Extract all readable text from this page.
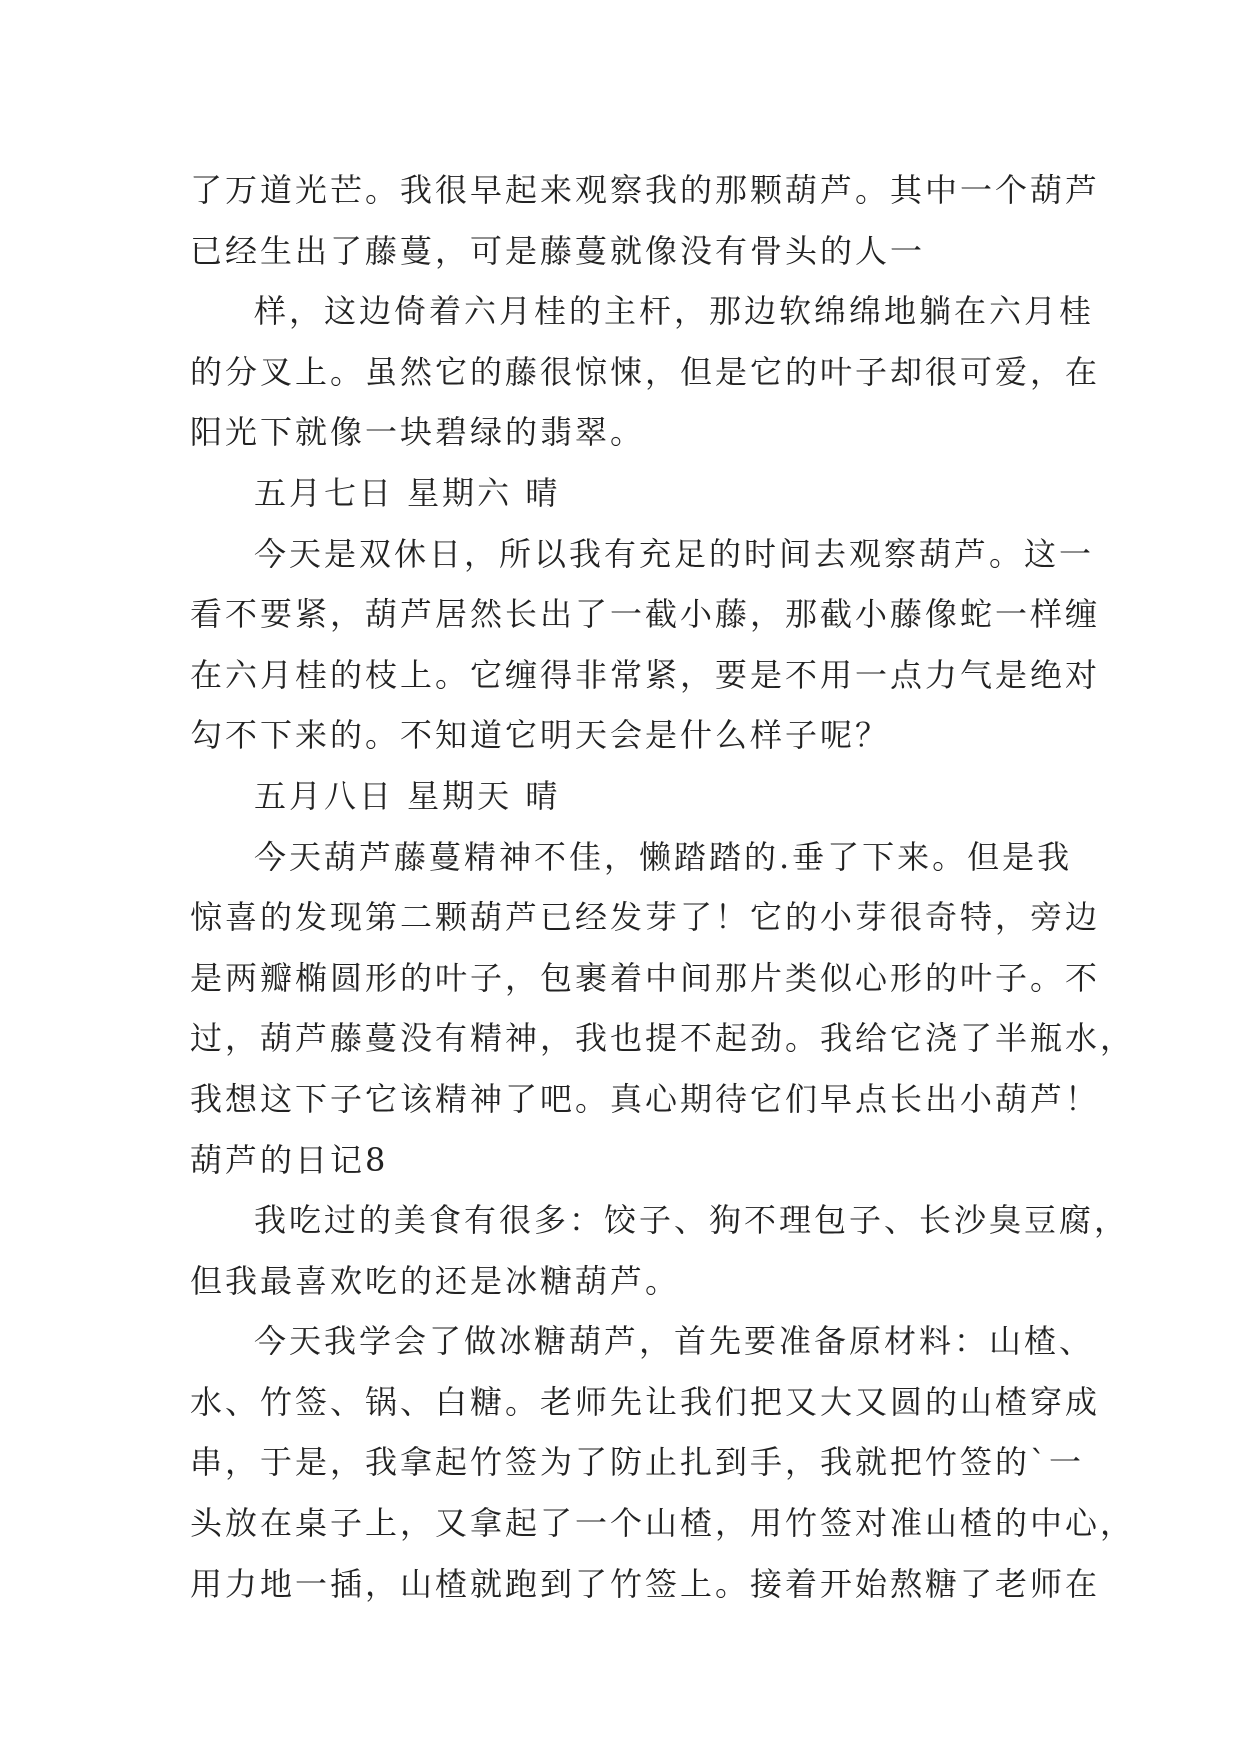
了万道光芒。我很早起来观察我的那颗葫芦。其中一个葫芦

已经生出了藤蔓，可是藤蔓就像没有骨头的人一

样，这边倚着六月桂的主杆，那边软绵绵地躺在六月桂

的分叉上。虽然它的藤很惊悚，但是它的叶子却很可爱，在

阳光下就像一块碧绿的翡翠。

五月七日 星期六 晴

今天是双休日，所以我有充足的时间去观察葫芦。这一

看不要紧，葫芦居然长出了一截小藤，那截小藤像蛇一样缠

在六月桂的枝上。它缠得非常紧，要是不用一点力气是绝对

勾不下来的。不知道它明天会是什么样子呢？

五月八日 星期天 晴

今天葫芦藤蔓精神不佳，懒踏踏的.垂了下来。但是我

惊喜的发现第二颗葫芦已经发芽了！它的小芽很奇特，旁边

是两瓣椭圆形的叶子，包裹着中间那片类似心形的叶子。不

过，葫芦藤蔓没有精神，我也提不起劲。我给它浇了半瓶水，

我想这下子它该精神了吧。真心期待它们早点长出小葫芦！

葫芦的日记8

我吃过的美食有很多：饺子、狗不理包子、长沙臭豆腐，

但我最喜欢吃的还是冰糖葫芦。

今天我学会了做冰糖葫芦，首先要准备原材料：山楂、

水、竹签、锅、白糖。老师先让我们把又大又圆的山楂穿成

串，于是，我拿起竹签为了防止扎到手，我就把竹签的`一

头放在桌子上，又拿起了一个山楂，用竹签对准山楂的中心，

用力地一插，山楂就跑到了竹签上。接着开始熬糖了老师在
